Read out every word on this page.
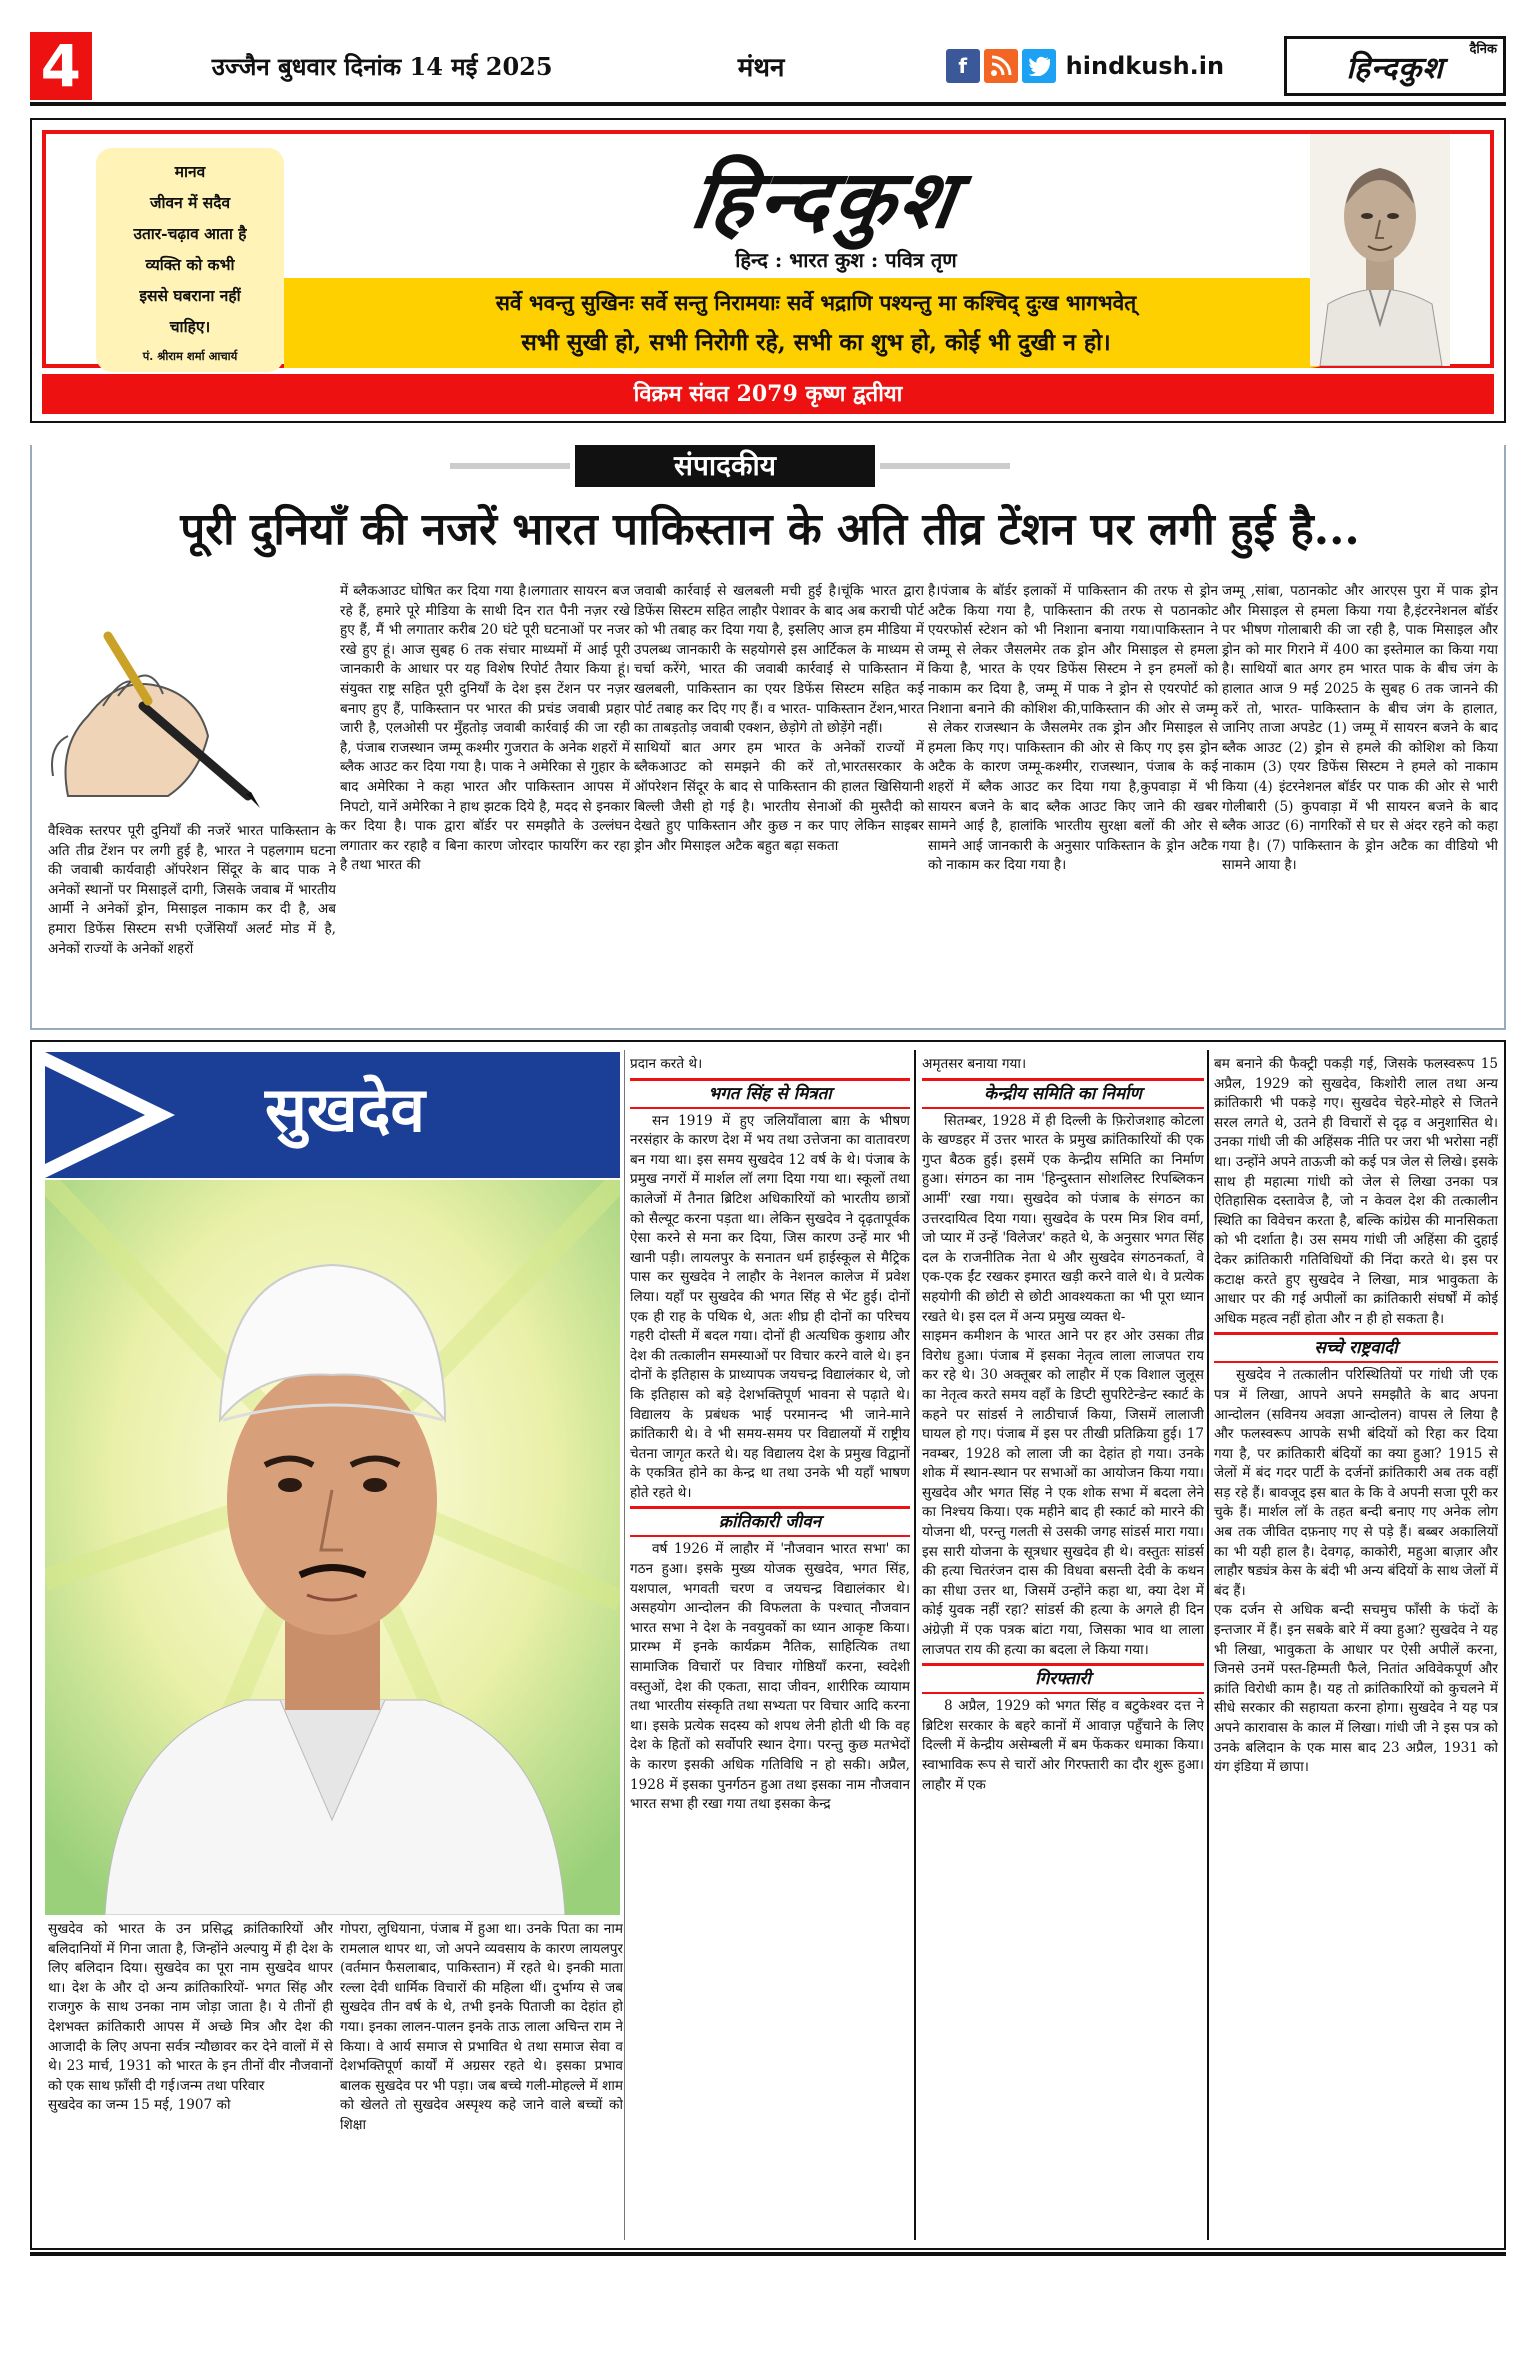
4	उज्जैन बुधवार दिनांक 14 मई 2025	मंथन	f	hindkush.in
दैनिक
हिन्दकुश
मानव
जीवन में सदैव
उतार-चढ़ाव आता है
व्यक्ति को कभी
इससे घबराना नहीं
चाहिए।
पं. श्रीराम शर्मा आचार्य
हिन्दकुश
हिन्द : भारत कुश : पवित्र तृण
सर्वे भवन्तु सुखिनः सर्वे सन्तु निरामयाः सर्वे भद्राणि पश्यन्तु मा कश्चिद् दुःख भागभवेत्
सभी सुखी हो, सभी निरोगी रहे, सभी का शुभ हो, कोई भी दुखी न हो।
विक्रम संवत 2079 कृष्ण द्वतीया
संपादकीय
पूरी दुनियाँ की नजरें भारत पाकिस्तान के अति तीव्र टेंशन पर लगी हुई है...
वैश्विक स्तरपर पूरी दुनियाँ की नजरें भारत पाकिस्तान के अति तीव्र टेंशन पर लगी हुई है, भारत ने पहलगाम घटना की जवाबी कार्यवाही ऑपरेशन सिंदूर के बाद पाक ने अनेकों स्थानों पर मिसाइलें दागी, जिसके जवाब में भारतीय आर्मी ने अनेकों ड्रोन, मिसाइल नाकाम कर दी है, अब हमारा डिफेंस सिस्टम सभी एजेंसियाँ अलर्ट मोड में है, अनेकों राज्यों के अनेकों शहरों
में ब्लैकआउट घोषित कर दिया गया है।लगातार सायरन बज रहे हैं, हमारे पूरे मीडिया के साथी दिन रात पैनी नज़र रखे हुए हैं, मैं भी लगातार करीब 20 घंटे पूरी घटनाओं पर नजर रखे हुए हूं। आज सुबह 6 तक संचार माध्यमों में आई पूरी जानकारी के आधार पर यह विशेष रिपोर्ट तैयार किया हूं।संयुक्त राष्ट्र सहित पूरी दुनियाँ के देश इस टेंशन पर नज़र बनाए हुए हैं, पाकिस्तान पर भारत की प्रचंड जवाबी प्रहार जारी है, एलओसी पर मुँहतोड़ जवाबी कार्रवाई की जा रही है, पंजाब राजस्थान जम्मू कश्मीर गुजरात के अनेक शहरों में ब्लैक आउट कर दिया गया है। पाक ने अमेरिका से गुहार के बाद अमेरिका ने कहा भारत और पाकिस्तान आपस में निपटो, यानें अमेरिका ने हाथ झटक दिये है, मदद से इनकार कर दिया है। पाक द्वारा बॉर्डर पर समझौते के उल्लंघन लगातार कर रहाहै व बिना कारण जोरदार फायरिंग कर रहा है तथा भारत की
जवाबी कार्रवाई से खलबली मची हुई है।चूंकि भारत द्वारा डिफेंस सिस्टम सहित लाहौर पेशावर के बाद अब कराची पोर्ट को भी तबाह कर दिया गया है, इसलिए आज हम मीडिया में उपलब्ध जानकारी के सहयोगसे इस आर्टिकल के माध्यम से चर्चा करेंगे, भारत की जवाबी कार्रवाई से पाकिस्तान में खलबली, पाकिस्तान का एयर डिफेंस सिस्टम सहित कई पोर्ट तबाह कर दिए गए हैं। व भारत- पाकिस्तान टेंशन,भारत का ताबड़तोड़ जवाबी एक्शन, छेड़ोगे तो छोड़ेंगे नहीं।
साथियों बात अगर हम भारत के अनेकों राज्यों में ब्लैकआउट को समझने की करें तो,भारतसरकार के ऑपरेशन सिंदूर के बाद से पाकिस्तान की हालत खिसियानी बिल्ली जैसी हो गई है। भारतीय सेनाओं की मुस्तैदी को देखते हुए पाकिस्तान और कुछ न कर पाए लेकिन साइबर ड्रोन और मिसाइल अटैक बहुत बढ़ा सकता
है।पंजाब के बॉर्डर इलाकों में पाकिस्तान की तरफ से ड्रोन अटैक किया गया है, पाकिस्तान की तरफ से पठानकोट एयरफोर्स स्टेशन को भी निशाना बनाया गया।पाकिस्तान ने जम्मू से लेकर जैसलमेर तक ड्रोन और मिसाइल से हमला किया है, भारत के एयर डिफेंस सिस्टम ने इन हमलों को नाकाम कर दिया है, जम्मू में पाक ने ड्रोन से एयरपोर्ट को निशाना बनाने की कोशिश की,पाकिस्तान की ओर से जम्मू से लेकर राजस्थान के जैसलमेर तक ड्रोन और मिसाइल से हमला किए गए। पाकिस्तान की ओर से किए गए इस ड्रोन अटैक के कारण जम्मू-कश्मीर, राजस्थान, पंजाब के कई शहरों में ब्लैक आउट कर दिया गया है,कुपवाड़ा में भी सायरन बजने के बाद ब्लैक आउट किए जाने की खबर सामने आई है, हालांकि भारतीय सुरक्षा बलों की ओर से सामने आई जानकारी के अनुसार पाकिस्तान के ड्रोन अटैक को नाकाम कर दिया गया है।
जम्मू ,सांबा, पठानकोट और आरएस पुरा में पाक ड्रोन और मिसाइल से हमला किया गया है,इंटरनेशनल बॉर्डर पर भीषण गोलाबारी की जा रही है, पाक मिसाइल और ड्रोन को मार गिराने में 400 का इस्तेमाल का किया गया है। साथियों बात अगर हम भारत पाक के बीच जंग के हालात आज 9 मई 2025 के सुबह 6 तक जानने की करें तो, भारत- पाकिस्तान के बीच जंग के हालात, जानिए ताजा अपडेट (1) जम्मू में सायरन बजने के बाद ब्लैक आउट (2) ड्रोन से हमले की कोशिश को किया नाकाम (3) एयर डिफेंस सिस्टम ने हमले को नाकाम किया (4) इंटरनेशनल बॉर्डर पर पाक की ओर से भारी गोलीबारी (5) कुपवाड़ा में भी सायरन बजने के बाद ब्लैक आउट (6) नागरिकों से घर से अंदर रहने को कहा गया है। (7) पाकिस्तान के ड्रोन अटैक का वीडियो भी सामने आया है।
सुखदेव
सुखदेव को भारत के उन प्रसिद्ध क्रांतिकारियों और बलिदानियों में गिना जाता है, जिन्होंने अल्पायु में ही देश के लिए बलिदान दिया। सुखदेव का पूरा नाम सुखदेव थापर था। देश के और दो अन्य क्रांतिकारियों- भगत सिंह और राजगुरु के साथ उनका नाम जोड़ा जाता है। ये तीनों ही देशभक्त क्रांतिकारी आपस में अच्छे मित्र और देश की आजादी के लिए अपना सर्वत्र न्यौछावर कर देने वालों में से थे। 23 मार्च, 1931 को भारत के इन तीनों वीर नौजवानों को एक साथ फ़ाँसी दी गई।जन्म तथा परिवार
सुखदेव का जन्म 15 मई, 1907 को
गोपरा, लुधियाना, पंजाब में हुआ था। उनके पिता का नाम रामलाल थापर था, जो अपने व्यवसाय के कारण लायलपुर (वर्तमान फैसलाबाद, पाकिस्तान) में रहते थे। इनकी माता रल्ला देवी धार्मिक विचारों की महिला थीं। दुर्भाग्य से जब सुखदेव तीन वर्ष के थे, तभी इनके पिताजी का देहांत हो गया। इनका लालन-पालन इनके ताऊ लाला अचिन्त राम ने किया। वे आर्य समाज से प्रभावित थे तथा समाज सेवा व देशभक्तिपूर्ण कार्यों में अग्रसर रहते थे। इसका प्रभाव बालक सुखदेव पर भी पड़ा। जब बच्चे गली-मोहल्ले में शाम को खेलते तो सुखदेव अस्पृश्य कहे जाने वाले बच्चों को शिक्षा
प्रदान करते थे।
भगत सिंह से मित्रता
सन 1919 में हुए जलियाँवाला बाग़ के भीषण नरसंहार के कारण देश में भय तथा उत्तेजना का वातावरण बन गया था। इस समय सुखदेव 12 वर्ष के थे। पंजाब के प्रमुख नगरों में मार्शल लॉ लगा दिया गया था। स्कूलों तथा कालेजों में तैनात ब्रिटिश अधिकारियों को भारतीय छात्रों को सैल्यूट करना पड़ता था। लेकिन सुखदेव ने दृढ़तापूर्वक ऐसा करने से मना कर दिया, जिस कारण उन्हें मार भी खानी पड़ी। लायलपुर के सनातन धर्म हाईस्कूल से मैट्रिक पास कर सुखदेव ने लाहौर के नेशनल कालेज में प्रवेश लिया। यहाँ पर सुखदेव की भगत सिंह से भेंट हुई। दोनों एक ही राह के पथिक थे, अतः शीघ्र ही दोनों का परिचय गहरी दोस्ती में बदल गया। दोनों ही अत्यधिक कुशाग्र और देश की तत्कालीन समस्याओं पर विचार करने वाले थे। इन दोनों के इतिहास के प्राध्यापक जयचन्द्र विद्यालंकार थे, जो कि इतिहास को बड़े देशभक्तिपूर्ण भावना से पढ़ाते थे। विद्यालय के प्रबंधक भाई परमानन्द भी जाने-माने क्रांतिकारी थे। वे भी समय-समय पर विद्यालयों में राष्ट्रीय चेतना जागृत करते थे। यह विद्यालय देश के प्रमुख विद्वानों के एकत्रित होने का केन्द्र था तथा उनके भी यहाँ भाषण होते रहते थे।
क्रांतिकारी जीवन
वर्ष 1926 में लाहौर में 'नौजवान भारत सभा' का गठन हुआ। इसके मुख्य योजक सुखदेव, भगत सिंह, यशपाल, भगवती चरण व जयचन्द्र विद्यालंकार थे। असहयोग आन्दोलन की विफलता के पश्चात् नौजवान भारत सभा ने देश के नवयुवकों का ध्यान आकृष्ट किया। प्रारम्भ में इनके कार्यक्रम नैतिक, साहित्यिक तथा सामाजिक विचारों पर विचार गोष्ठियाँ करना, स्वदेशी वस्तुओं, देश की एकता, सादा जीवन, शारीरिक व्यायाम तथा भारतीय संस्कृति तथा सभ्यता पर विचार आदि करना था। इसके प्रत्येक सदस्य को शपथ लेनी होती थी कि वह देश के हितों को सर्वोपरि स्थान देगा। परन्तु कुछ मतभेदों के कारण इसकी अधिक गतिविधि न हो सकी। अप्रैल, 1928 में इसका पुनर्गठन हुआ तथा इसका नाम नौजवान भारत सभा ही रखा गया तथा इसका केन्द्र
अमृतसर बनाया गया।
केन्द्रीय समिति का निर्माण
सितम्बर, 1928 में ही दिल्ली के फ़िरोजशाह कोटला के खण्डहर में उत्तर भारत के प्रमुख क्रांतिकारियों की एक गुप्त बैठक हुई। इसमें एक केन्द्रीय समिति का निर्माण हुआ। संगठन का नाम 'हिन्दुस्तान सोशलिस्ट रिपब्लिकन आर्मी' रखा गया। सुखदेव को पंजाब के संगठन का उत्तरदायित्व दिया गया। सुखदेव के परम मित्र शिव वर्मा, जो प्यार में उन्हें 'विलेजर' कहते थे, के अनुसार भगत सिंह दल के राजनीतिक नेता थे और सुखदेव संगठनकर्ता, वे एक-एक ईंट रखकर इमारत खड़ी करने वाले थे। वे प्रत्येक सहयोगी की छोटी से छोटी आवश्यकता का भी पूरा ध्यान रखते थे। इस दल में अन्य प्रमुख व्यक्त थे-
साइमन कमीशन के भारत आने पर हर ओर उसका तीव्र विरोध हुआ। पंजाब में इसका नेतृत्व लाला लाजपत राय कर रहे थे। 30 अक्तूबर को लाहौर में एक विशाल जुलूस का नेतृत्व करते समय वहाँ के डिप्टी सुपरिटेन्डेन्ट स्कार्ट के कहने पर सांडर्स ने लाठीचार्ज किया, जिसमें लालाजी घायल हो गए। पंजाब में इस पर तीखी प्रतिक्रिया हुई। 17 नवम्बर, 1928 को लाला जी का देहांत हो गया। उनके शोक में स्थान-स्थान पर सभाओं का आयोजन किया गया। सुखदेव और भगत सिंह ने एक शोक सभा में बदला लेने का निश्चय किया। एक महीने बाद ही स्कार्ट को मारने की योजना थी, परन्तु गलती से उसकी जगह सांडर्स मारा गया। इस सारी योजना के सूत्रधार सुखदेव ही थे। वस्तुतः सांडर्स की हत्या चितरंजन दास की विधवा बसन्ती देवी के कथन का सीधा उत्तर था, जिसमें उन्होंने कहा था, क्या देश में कोई युवक नहीं रहा? सांडर्स की हत्या के अगले ही दिन अंग्रेज़ी में एक पत्रक बांटा गया, जिसका भाव था लाला लाजपत राय की हत्या का बदला ले किया गया।
गिरफ्तारी
8 अप्रैल, 1929 को भगत सिंह व बटुकेश्वर दत्त ने ब्रिटिश सरकार के बहरे कानों में आवाज़ पहुँचाने के लिए दिल्ली में केन्द्रीय असेम्बली में बम फेंककर धमाका किया। स्वाभाविक रूप से चारों ओर गिरफ्तारी का दौर शुरू हुआ। लाहौर में एक
बम बनाने की फैक्ट्री पकड़ी गई, जिसके फलस्वरूप 15 अप्रैल, 1929 को सुखदेव, किशोरी लाल तथा अन्य क्रांतिकारी भी पकड़े गए। सुखदेव चेहरे-मोहरे से जितने सरल लगते थे, उतने ही विचारों से दृढ़ व अनुशासित थे। उनका गांधी जी की अहिंसक नीति पर जरा भी भरोसा नहीं था। उन्होंने अपने ताऊजी को कई पत्र जेल से लिखे। इसके साथ ही महात्मा गांधी को जेल से लिखा उनका पत्र ऐतिहासिक दस्तावेज है, जो न केवल देश की तत्कालीन स्थिति का विवेचन करता है, बल्कि कांग्रेस की मानसिकता को भी दर्शाता है। उस समय गांधी जी अहिंसा की दुहाई देकर क्रांतिकारी गतिविधियों की निंदा करते थे। इस पर कटाक्ष करते हुए सुखदेव ने लिखा, मात्र भावुकता के आधार पर की गई अपीलों का क्रांतिकारी संघर्षों में कोई अधिक महत्व नहीं होता और न ही हो सकता है।
सच्चे राष्ट्रवादी
सुखदेव ने तत्कालीन परिस्थितियों पर गांधी जी एक पत्र में लिखा, आपने अपने समझौते के बाद अपना आन्दोलन (सविनय अवज्ञा आन्दोलन) वापस ले लिया है और फलस्वरूप आपके सभी बंदियों को रिहा कर दिया गया है, पर क्रांतिकारी बंदियों का क्या हुआ? 1915 से जेलों में बंद गदर पार्टी के दर्जनों क्रांतिकारी अब तक वहीं सड़ रहे हैं। बावजूद इस बात के कि वे अपनी सजा पूरी कर चुके हैं। मार्शल लॉ के तहत बन्दी बनाए गए अनेक लोग अब तक जीवित दफ़नाए गए से पड़े हैं। बब्बर अकालियों का भी यही हाल है। देवगढ़, काकोरी, महुआ बाज़ार और लाहौर षड्यंत्र केस के बंदी भी अन्य बंदियों के साथ जेलों में बंद हैं।
एक दर्जन से अधिक बन्दी सचमुच फाँसी के फंदों के इन्तजार में हैं। इन सबके बारे में क्या हुआ? सुखदेव ने यह भी लिखा, भावुकता के आधार पर ऐसी अपीलें करना, जिनसे उनमें पस्त-हिम्मती फैले, नितांत अविवेकपूर्ण और क्रांति विरोधी काम है। यह तो क्रांतिकारियों को कुचलने में सीधे सरकार की सहायता करना होगा। सुखदेव ने यह पत्र अपने कारावास के काल में लिखा। गांधी जी ने इस पत्र को उनके बलिदान के एक मास बाद 23 अप्रैल, 1931 को यंग इंडिया में छापा।
